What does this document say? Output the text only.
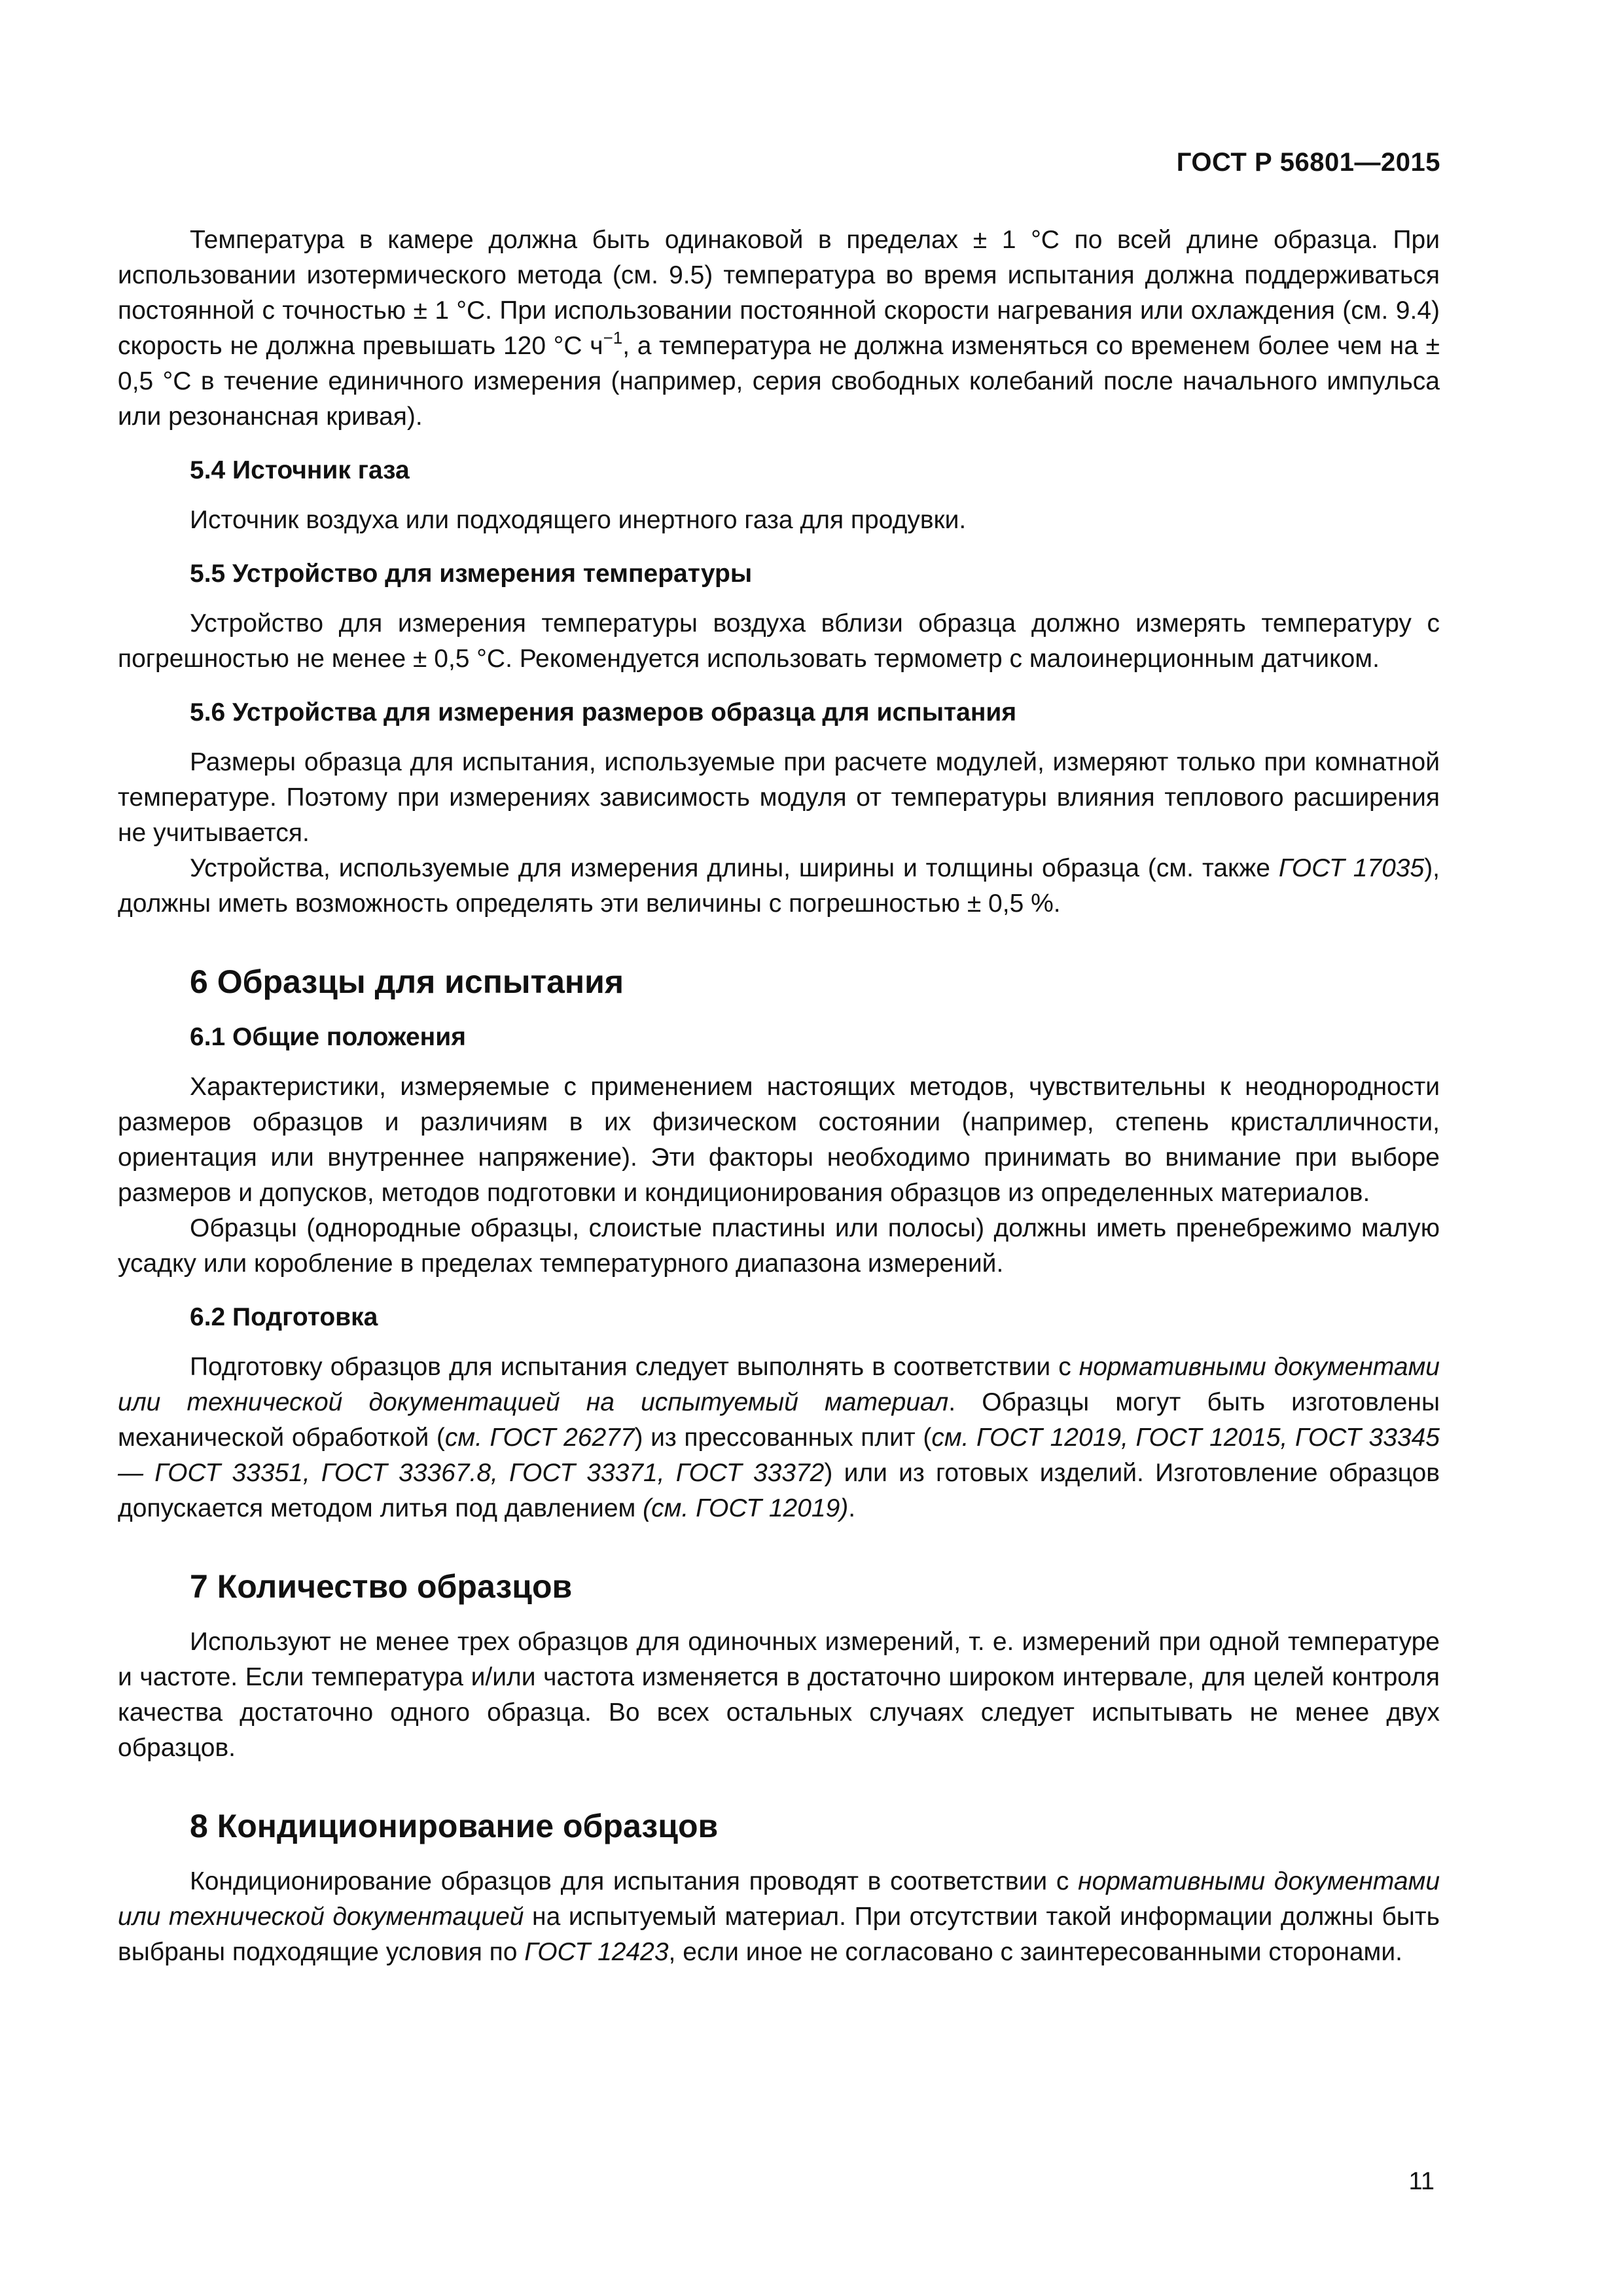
ГОСТ Р 56801—2015

Температура в камере должна быть одинаковой в пределах ± 1 °С по всей длине образца. При использовании изотермического метода (см. 9.5) температура во время испытания должна поддерживаться постоянной с точностью ± 1 °С. При использовании постоянной скорости нагревания или охлаждения (см. 9.4) скорость не должна превышать 120 °С $ч^{-1}$, а температура не должна изменяться со временем более чем на ± 0,5 °С в течение единичного измерения (например, серия свободных колебаний после начального импульса или резонансная кривая).

5.4 Источник газа

Источник воздуха или подходящего инертного газа для продувки.

5.5 Устройство для измерения температуры

Устройство для измерения температуры воздуха вблизи образца должно измерять температуру с погрешностью не менее ± 0,5 °С. Рекомендуется использовать термометр с малоинерционным датчиком.

5.6 Устройства для измерения размеров образца для испытания

Размеры образца для испытания, используемые при расчете модулей, измеряют только при комнатной температуре. Поэтому при измерениях зависимость модуля от температуры влияния теплового расширения не учитывается.

Устройства, используемые для измерения длины, ширины и толщины образца (см. также ГОСТ 17035), должны иметь возможность определять эти величины с погрешностью ± 0,5 %.

6 Образцы для испытания
6.1 Общие положения

Характеристики, измеряемые с применением настоящих методов, чувствительны к неоднородности размеров образцов и различиям в их физическом состоянии (например, степень кристалличности, ориентация или внутреннее напряжение). Эти факторы необходимо принимать во внимание при выборе размеров и допусков, методов подготовки и кондиционирования образцов из определенных материалов.

Образцы (однородные образцы, слоистые пластины или полосы) должны иметь пренебрежимо малую усадку или коробление в пределах температурного диапазона измерений.

6.2 Подготовка

Подготовку образцов для испытания следует выполнять в соответствии с нормативными документами или технической документацией на испытуемый материал. Образцы могут быть изготовлены механической обработкой (см. ГОСТ 26277) из прессованных плит (см. ГОСТ 12019, ГОСТ 12015, ГОСТ 33345 — ГОСТ 33351, ГОСТ 33367.8, ГОСТ 33371, ГОСТ 33372) или из готовых изделий. Изготовление образцов допускается методом литья под давлением (см. ГОСТ 12019).

7 Количество образцов

Используют не менее трех образцов для одиночных измерений, т. е. измерений при одной температуре и частоте. Если температура и/или частота изменяется в достаточно широком интервале, для целей контроля качества достаточно одного образца. Во всех остальных случаях следует испытывать не менее двух образцов.

8 Кондиционирование образцов

Кондиционирование образцов для испытания проводят в соответствии с нормативными документами или технической документацией на испытуемый материал. При отсутствии такой информации должны быть выбраны подходящие условия по ГОСТ 12423, если иное не согласовано с заинтересованными сторонами.

11
